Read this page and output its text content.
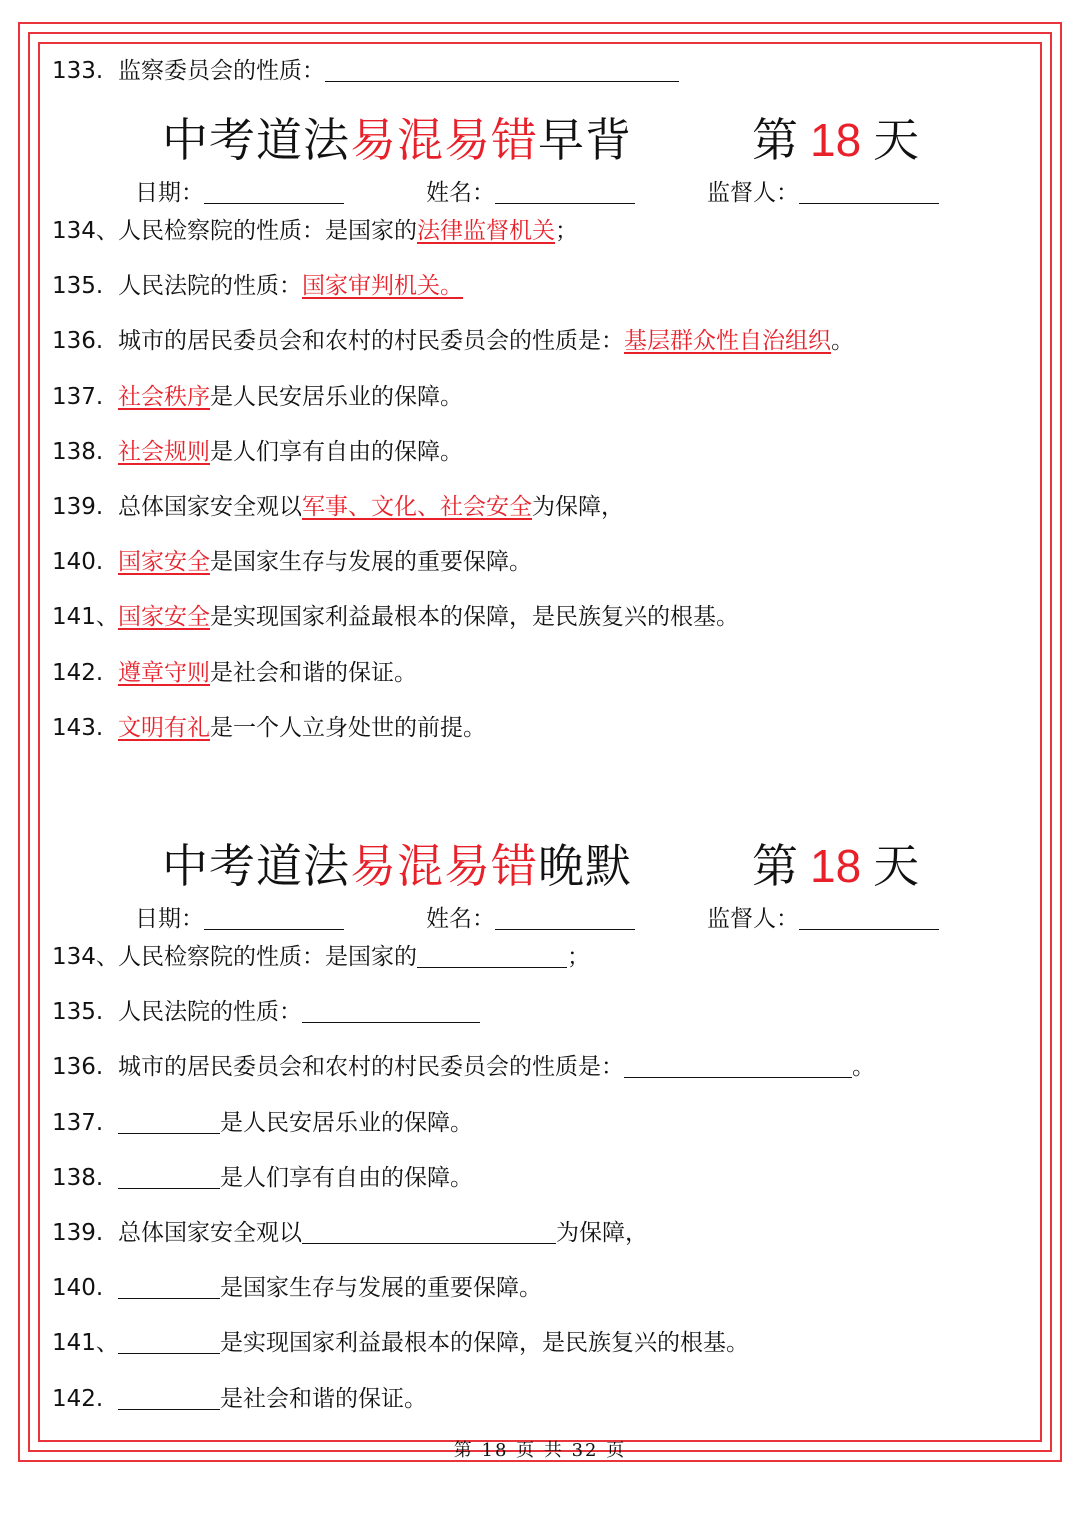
133. 监察委员会的性质：
中考道法易混易错早背	第 18 天
日期：	姓名：	监督人：
134、人民检察院的性质：是国家的法律监督机关；
135. 人民法院的性质：国家审判机关。
136. 城市的居民委员会和农村的村民委员会的性质是：基层群众性自治组织。
137. 社会秩序是人民安居乐业的保障。
138. 社会规则是人们享有自由的保障。
139. 总体国家安全观以军事、文化、社会安全为保障，
140. 国家安全是国家生存与发展的重要保障。
141、国家安全是实现国家利益最根本的保障，是民族复兴的根基。
142. 遵章守则是社会和谐的保证。
143. 文明有礼是一个人立身处世的前提。
中考道法易混易错晚默	第 18 天
日期：	姓名：	监督人：
134、人民检察院的性质：是国家的	；
135. 人民法院的性质：
136. 城市的居民委员会和农村的村民委员会的性质是：	。
137.	是人民安居乐业的保障。
138.	是人们享有自由的保障。
139. 总体国家安全观以	为保障，
140.	是国家生存与发展的重要保障。
141、	是实现国家利益最根本的保障，是民族复兴的根基。
142.	是社会和谐的保证。
第 18 页 共 32 页
